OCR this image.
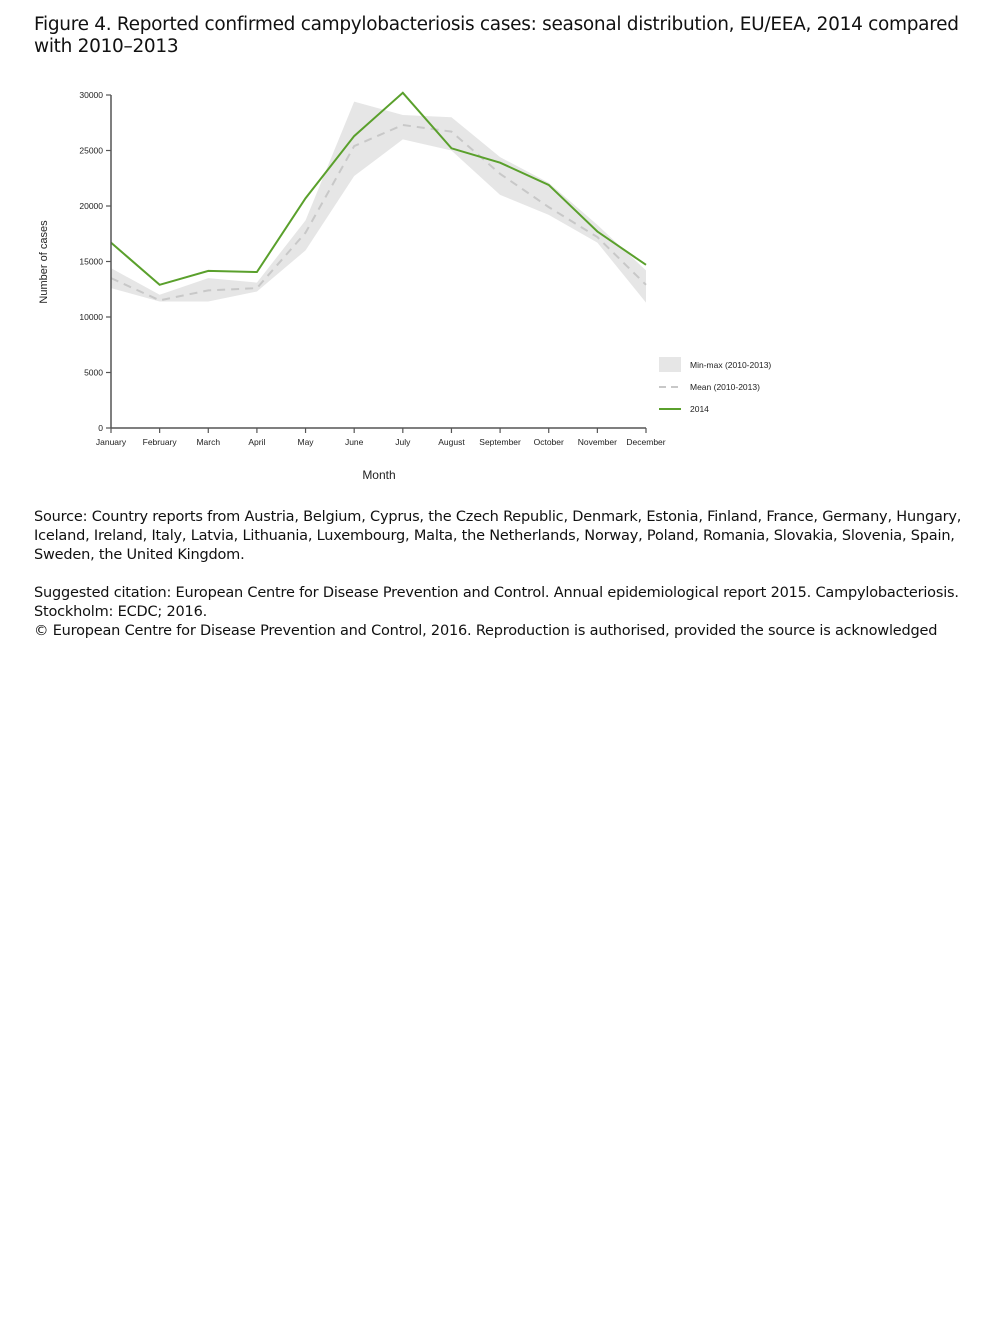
Figure 4. Reported confirmed campylobacteriosis cases: seasonal distribution, EU/EEA, 2014 compared with 2010–2013
0
5000
10000
15000
20000
25000
30000
January February March	April	May	June	July	August September October November December
Number of cases
Month
Min-max (2010-2013)
Mean (2010-2013)
2014

Source: Country reports from Austria, Belgium, Cyprus, the Czech Republic, Denmark, Estonia, Finland, France, Germany, Hungary, Iceland, Ireland, Italy, Latvia, Lithuania, Luxembourg, Malta, the Netherlands, Norway, Poland, Romania, Slovakia, Slovenia, Spain, Sweden, the United Kingdom.

Suggested citation: European Centre for Disease Prevention and Control. Annual epidemiological report 2015. Campylobacteriosis. Stockholm: ECDC; 2016.

© European Centre for Disease Prevention and Control, 2016. Reproduction is authorised, provided the source is acknowledged
